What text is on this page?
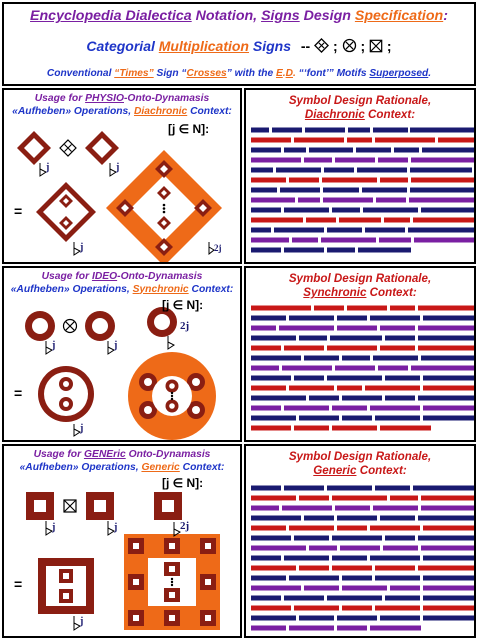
Encyclopedia Dialectica Notation, Signs Design Specification:
Categorial Multiplication Signs --  ;  ;  ;
Conventional “Times” Sign “Crosses” with the E.D. “‘font’” Motifs Superposed.
Usage for PHYSIO-Onto-Dynamasis
«Aufheben» Operations, Diachronic Context:
[j ∈ N]:
=
j	j
j	2j
Symbol Design Rationale,
Diachronic Context:
Usage for IDEO-Onto-Dynamasis
«Aufheben» Operations, Synchronic Context:
[j ∈ N]:
=
j	j
2j
j
Symbol Design Rationale,
Synchronic Context:
Usage for GENEric Onto-Dynamasis
«Aufheben» Operations, Generic Context:
[j ∈ N]:
=
j	j	2j
j
Symbol Design Rationale,
Generic Context:
